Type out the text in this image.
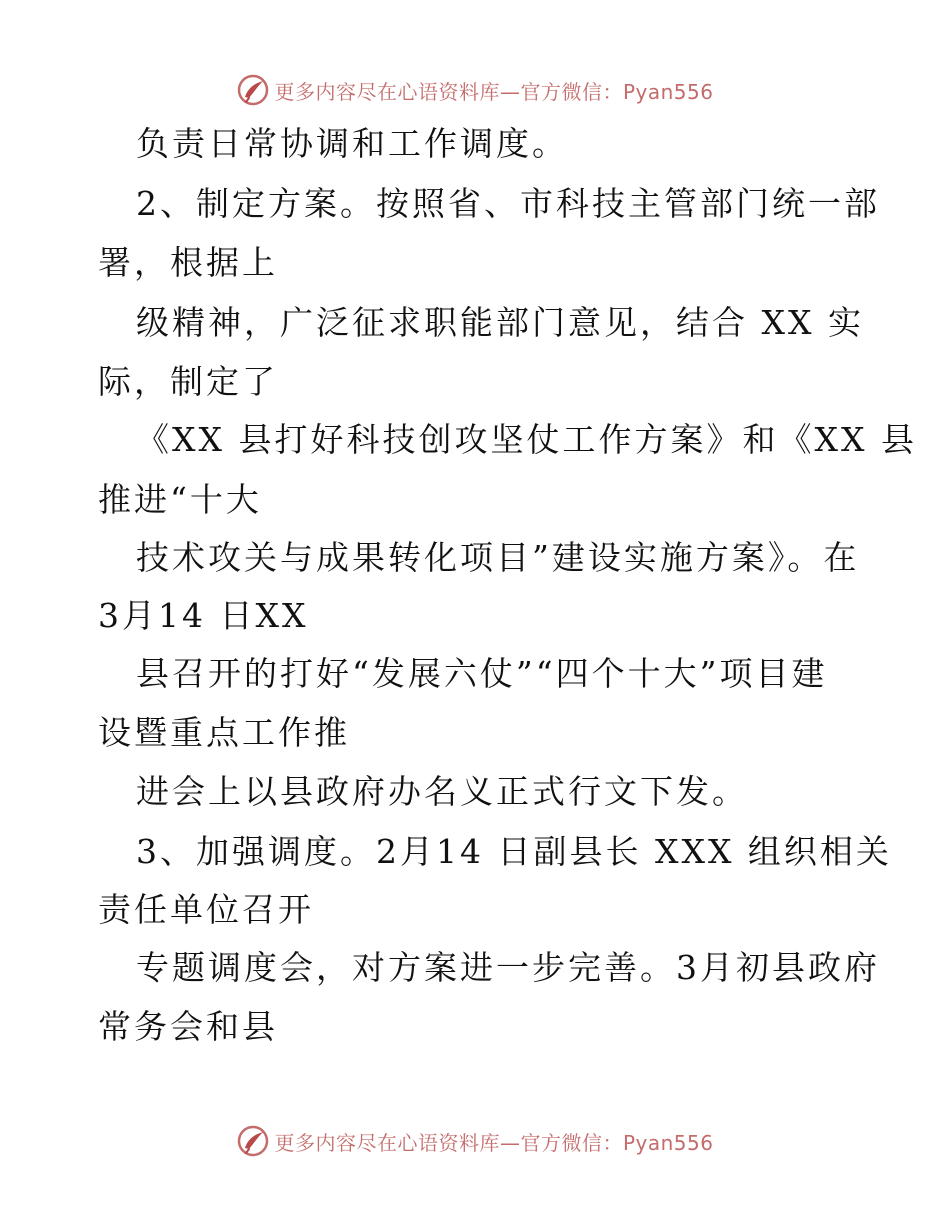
更多内容尽在心语资料库—官方微信：Pyan556
负责日常协调和工作调度。
2、制定方案。按照省、市科技主管部门统一部
署，根据上
级精神，广泛征求职能部门意见，结合 XX 实
际，制定了
《XX 县打好科技创攻坚仗工作方案》和《XX 县
推进“十大
技术攻关与成果转化项目”建设实施方案》。在
3月14 日XX
县召开的打好“发展六仗”“四个十大”项目建
设暨重点工作推
进会上以县政府办名义正式行文下发。
3、加强调度。2月14 日副县长 XXX 组织相关
责任单位召开
专题调度会，对方案进一步完善。3月初县政府
常务会和县
更多内容尽在心语资料库—官方微信：Pyan556
